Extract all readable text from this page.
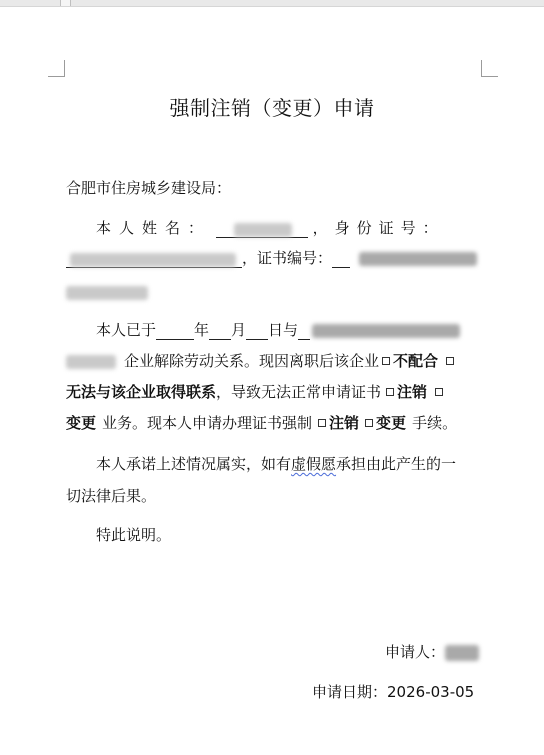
强制注销（变更）申请
合肥市住房城乡建设局：
本人姓名：	，身份证号：
，证书编号：
本人已于	年 月 日与
企业解除劳动关系。现因离职后该企业 不配合
无法与该企业取得联系，导致无法正常申请证书 注销
变更 业务。现本人申请办理证书强制 注销 变更 手续。
本人承诺上述情况属实，如有虚假愿承担由此产生的一
切法律后果。
特此说明。
申请人：
申请日期：2026-03-05
